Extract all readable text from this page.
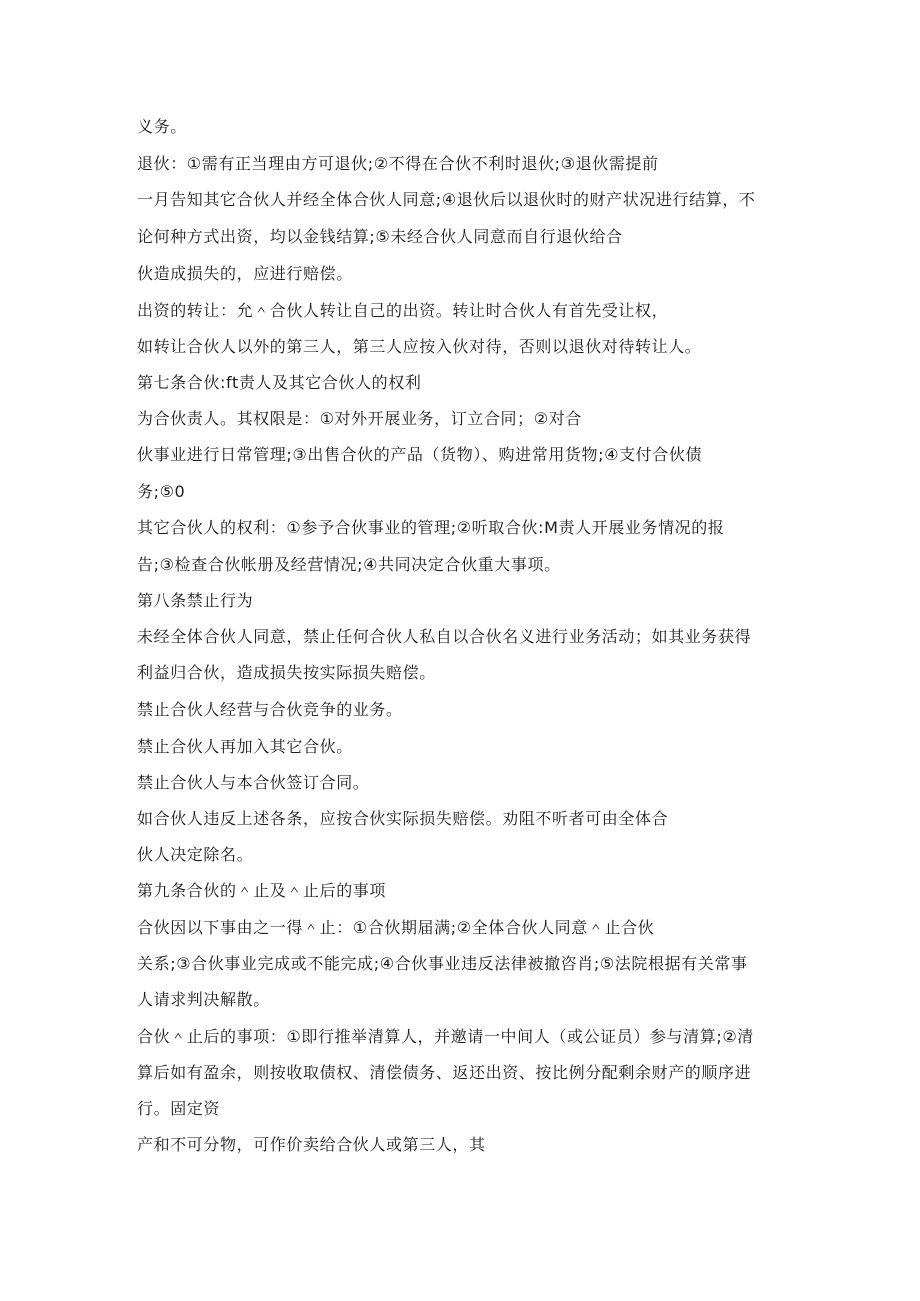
义务。
退伙：①需有正当理由方可退伙;②不得在合伙不利时退伙;③退伙需提前
一月告知其它合伙人并经全体合伙人同意;④退伙后以退伙时的财产状况进行结算，不
论何种方式出资，均以金钱结算;⑤未经合伙人同意而自行退伙给合
伙造成损失的，应进行赔偿。
出资的转让：允＾合伙人转让自己的出资。转让时合伙人有首先受让权，
如转让合伙人以外的第三人，第三人应按入伙对待，否则以退伙对待转让人。
第七条合伙:ft责人及其它合伙人的权利
为合伙责人。其权限是：①对外开展业务，订立合同；②对合
伙事业进行日常管理;③出售合伙的产品（货物）、购进常用货物;④支付合伙债
务;⑤0
其它合伙人的权利：①参予合伙事业的管理;②听取合伙:M责人开展业务情况的报
告;③检查合伙帐册及经营情况;④共同决定合伙重大事项。
第八条禁止行为
未经全体合伙人同意，禁止任何合伙人私自以合伙名义进行业务活动；如其业务获得
利益归合伙，造成损失按实际损失赔偿。
禁止合伙人经营与合伙竞争的业务。
禁止合伙人再加入其它合伙。
禁止合伙人与本合伙签订合同。
如合伙人违反上述各条，应按合伙实际损失赔偿。劝阻不听者可由全体合
伙人决定除名。
第九条合伙的＾止及＾止后的事项
合伙因以下事由之一得＾止：①合伙期届满;②全体合伙人同意＾止合伙
关系;③合伙事业完成或不能完成;④合伙事业违反法律被撤咨肖;⑤法院根据有关常事
人请求判决解散。
合伙＾止后的事项：①即行推举清算人，并邀请一中间人（或公证员）参与清算;②清
算后如有盈余，则按收取债权、清偿债务、返还出资、按比例分配剩余财产的顺序进
行。固定资
产和不可分物，可作价卖给合伙人或第三人，其
